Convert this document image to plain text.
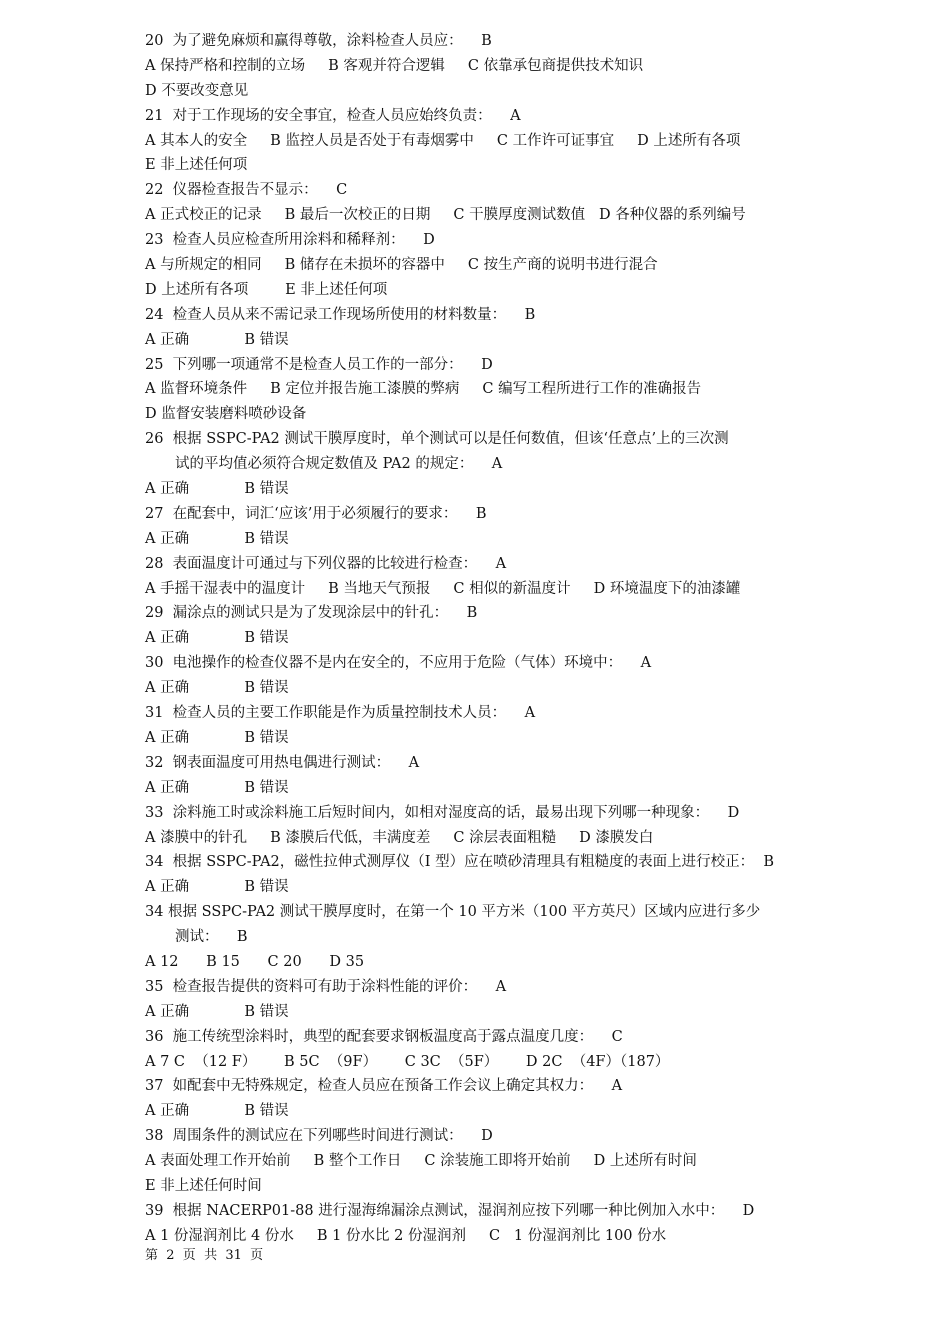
20  为了避免麻烦和赢得尊敬，涂料检查人员应：    B
A 保持严格和控制的立场     B 客观并符合逻辑     C 依靠承包商提供技术知识
D 不要改变意见
21  对于工作现场的安全事宜，检查人员应始终负责：    A
A 其本人的安全     B 监控人员是否处于有毒烟雾中     C 工作许可证事宜     D 上述所有各项
E 非上述任何项
22  仪器检查报告不显示：    C
A 正式校正的记录     B 最后一次校正的日期     C 干膜厚度测试数值   D 各种仪器的系列编号
23  检查人员应检查所用涂料和稀释剂：    D
A 与所规定的相同     B 储存在未损坏的容器中     C 按生产商的说明书进行混合
D 上述所有各项        E 非上述任何项
24  检查人员从来不需记录工作现场所使用的材料数量：    B
A 正确            B 错误
25  下列哪一项通常不是检查人员工作的一部分：    D
A 监督环境条件     B 定位并报告施工漆膜的弊病     C 编写工程所进行工作的准确报告
D 监督安装磨料喷砂设备
26  根据 SSPC-PA2 测试干膜厚度时，单个测试可以是任何数值，但该‘任意点’上的三次测
试的平均值必须符合规定数值及 PA2 的规定：    A
A 正确            B 错误
27  在配套中，词汇‘应该’用于必须履行的要求：    B
A 正确            B 错误
28  表面温度计可通过与下列仪器的比较进行检查：    A
A 手摇干湿表中的温度计     B 当地天气预报     C 相似的新温度计     D 环境温度下的油漆罐
29  漏涂点的测试只是为了发现涂层中的针孔：    B
A 正确            B 错误
30  电池操作的检查仪器不是内在安全的，不应用于危险（气体）环境中：    A
A 正确            B 错误
31  检查人员的主要工作职能是作为质量控制技术人员：    A
A 正确            B 错误
32  钢表面温度可用热电偶进行测试：    A
A 正确            B 错误
33  涂料施工时或涂料施工后短时间内，如相对湿度高的话，最易出现下列哪一种现象：    D
A 漆膜中的针孔     B 漆膜后代低，丰满度差     C 涂层表面粗糙     D 漆膜发白
34  根据 SSPC-PA2，磁性拉伸式测厚仪（I 型）应在喷砂清理具有粗糙度的表面上进行校正：  B
A 正确            B 错误
34 根据 SSPC-PA2 测试干膜厚度时，在第一个 10 平方米（100 平方英尺）区域内应进行多少
测试：    B
A 12      B 15      C 20      D 35
35  检查报告提供的资料可有助于涂料性能的评价：    A
A 正确            B 错误
36  施工传统型涂料时，典型的配套要求钢板温度高于露点温度几度：    C
A 7 C  （12 F）      B 5C  （9F）      C 3C  （5F）      D 2C  （4F）（187）
37  如配套中无特殊规定，检查人员应在预备工作会议上确定其权力：    A
A 正确            B 错误
38  周围条件的测试应在下列哪些时间进行测试：    D
A 表面处理工作开始前     B 整个工作日     C 涂装施工即将开始前     D 上述所有时间
E 非上述任何时间
39  根据 NACERP01-88 进行湿海绵漏涂点测试，湿润剂应按下列哪一种比例加入水中：    D
A 1 份湿润剂比 4 份水     B 1 份水比 2 份湿润剂     C   1 份湿润剂比 100 份水
第  2  页  共  31  页
